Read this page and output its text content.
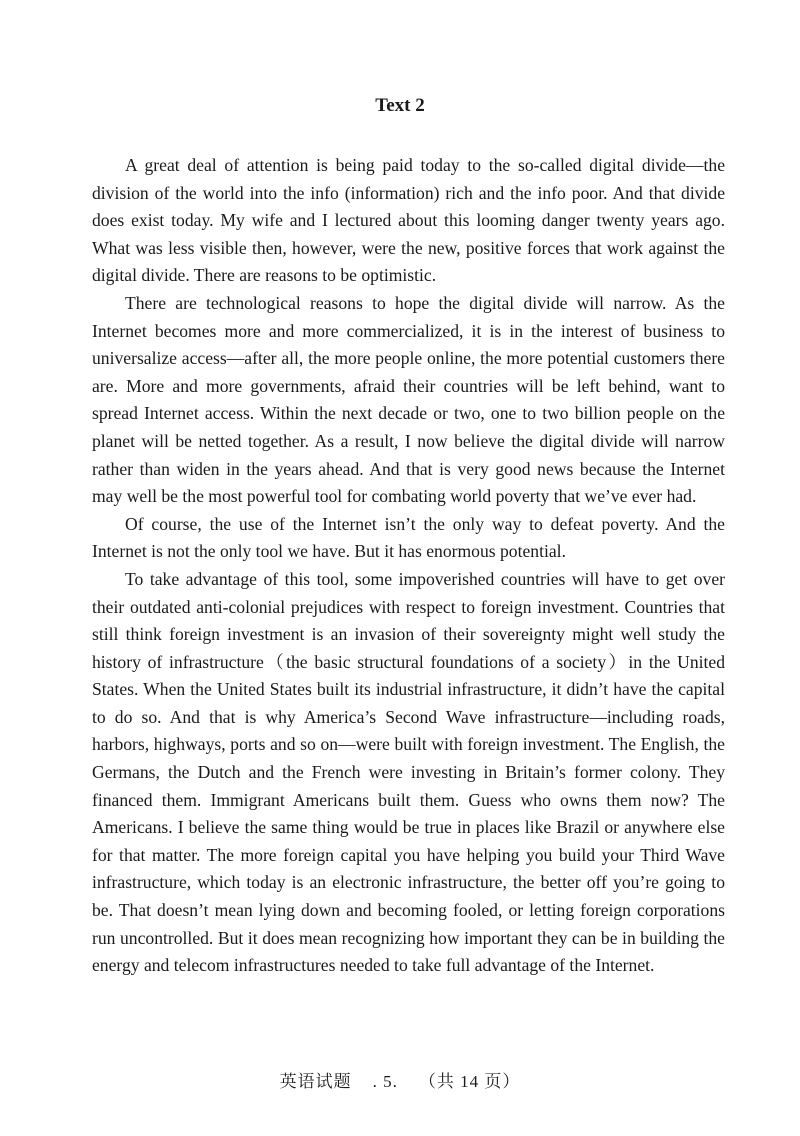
Text 2

A great deal of attention is being paid today to the so-called digital divide—the division of the world into the info (information) rich and the info poor. And that divide does exist today. My wife and I lectured about this looming danger twenty years ago. What was less visible then, however, were the new, positive forces that work against the digital divide. There are reasons to be optimistic.

There are technological reasons to hope the digital divide will narrow. As the Internet becomes more and more commercialized, it is in the interest of business to universalize access—after all, the more people online, the more potential customers there are. More and more governments, afraid their countries will be left behind, want to spread Internet access. Within the next decade or two, one to two billion people on the planet will be netted together. As a result, I now believe the digital divide will narrow rather than widen in the years ahead. And that is very good news because the Internet may well be the most powerful tool for combating world poverty that we’ve ever had.

Of course, the use of the Internet isn’t the only way to defeat poverty. And the Internet is not the only tool we have. But it has enormous potential.

To take advantage of this tool, some impoverished countries will have to get over their outdated anti-colonial prejudices with respect to foreign investment. Countries that still think foreign investment is an invasion of their sovereignty might well study the history of infrastructure（the basic structural foundations of a society）in the United States. When the United States built its industrial infrastructure, it didn’t have the capital to do so. And that is why America’s Second Wave infrastructure—including roads, harbors, highways, ports and so on—were built with foreign investment. The English, the Germans, the Dutch and the French were investing in Britain’s former colony. They financed them. Immigrant Americans built them. Guess who owns them now? The Americans. I believe the same thing would be true in places like Brazil or anywhere else for that matter. The more foreign capital you have helping you build your Third Wave infrastructure, which today is an electronic infrastructure, the better off you’re going to be. That doesn’t mean lying down and becoming fooled, or letting foreign corporations run uncontrolled. But it does mean recognizing how important they can be in building the energy and telecom infrastructures needed to take full advantage of the Internet.

英语试题 . 5. （共 14 页）
